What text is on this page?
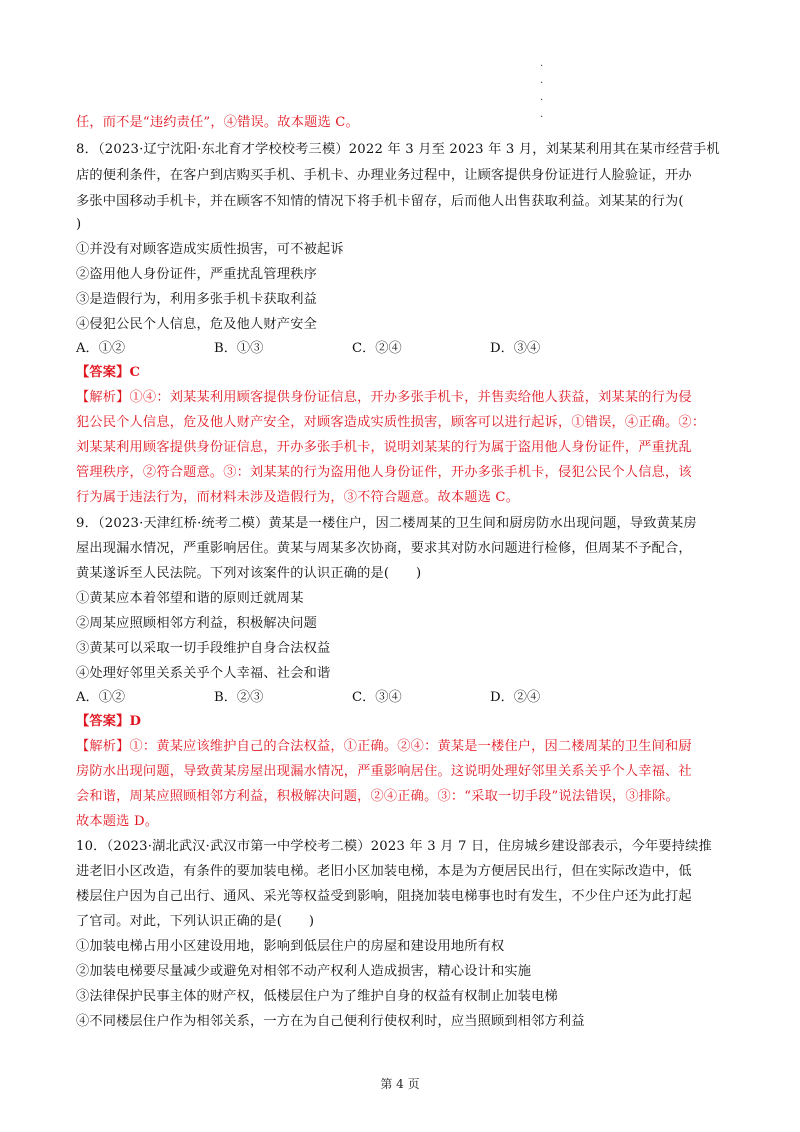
·
·
·
·
任，而不是“违约责任”，④错误。故本题选 C。
8．（2023·辽宁沈阳·东北育才学校校考三模）2022 年 3 月至 2023 年 3 月，刘某某利用其在某市经营手机
店的便利条件，在客户到店购买手机、手机卡、办理业务过程中，让顾客提供身份证进行人脸验证，开办
多张中国移动手机卡，并在顾客不知情的情况下将手机卡留存，后而他人出售获取利益。刘某某的行为(
)
①并没有对顾客造成实质性损害，可不被起诉
②盗用他人身份证件，严重扰乱管理秩序
③是造假行为，利用多张手机卡获取利益
④侵犯公民个人信息，危及他人财产安全
A．①②	B．①③	C．②④	D．③④
【答案】C
【解析】①④：刘某某利用顾客提供身份证信息，开办多张手机卡，并售卖给他人获益，刘某某的行为侵
犯公民个人信息，危及他人财产安全，对顾客造成实质性损害，顾客可以进行起诉，①错误，④正确。②：
刘某某利用顾客提供身份证信息，开办多张手机卡，说明刘某某的行为属于盗用他人身份证件，严重扰乱
管理秩序，②符合题意。③：刘某某的行为盗用他人身份证件，开办多张手机卡，侵犯公民个人信息，该
行为属于违法行为，而材料未涉及造假行为，③不符合题意。故本题选 C。
9．（2023·天津红桥·统考二模）黄某是一楼住户，因二楼周某的卫生间和厨房防水出现问题，导致黄某房
屋出现漏水情况，严重影响居住。黄某与周某多次协商，要求其对防水问题进行检修，但周某不予配合，
黄某遂诉至人民法院。下列对该案件的认识正确的是(　　)
①黄某应本着邻望和谐的原则迁就周某
②周某应照顾相邻方利益，积极解决问题
③黄某可以采取一切手段维护自身合法权益
④处理好邻里关系关乎个人幸福、社会和谐
A．①②	B．②③	C．③④	D．②④
【答案】D
【解析】①：黄某应该维护自己的合法权益，①正确。②④：黄某是一楼住户，因二楼周某的卫生间和厨
房防水出现问题，导致黄某房屋出现漏水情况，严重影响居住。这说明处理好邻里关系关乎个人幸福、社
会和谐，周某应照顾相邻方利益，积极解决问题，②④正确。③：“采取一切手段”说法错误，③排除。
故本题选 D。
10．（2023·湖北武汉·武汉市第一中学校考二模）2023 年 3 月 7 日，住房城乡建设部表示，今年要持续推
进老旧小区改造，有条件的要加装电梯。老旧小区加装电梯，本是为方便居民出行，但在实际改造中，低
楼层住户因为自己出行、通风、采光等权益受到影响，阻挠加装电梯事也时有发生，不少住户还为此打起
了官司。对此，下列认识正确的是(　　)
①加装电梯占用小区建设用地，影响到低层住户的房屋和建设用地所有权
②加装电梯要尽量减少或避免对相邻不动产权利人造成损害，精心设计和实施
③法律保护民事主体的财产权，低楼层住户为了维护自身的权益有权制止加装电梯
④不同楼层住户作为相邻关系，一方在为自己便利行使权利时，应当照顾到相邻方利益
第 4 页
